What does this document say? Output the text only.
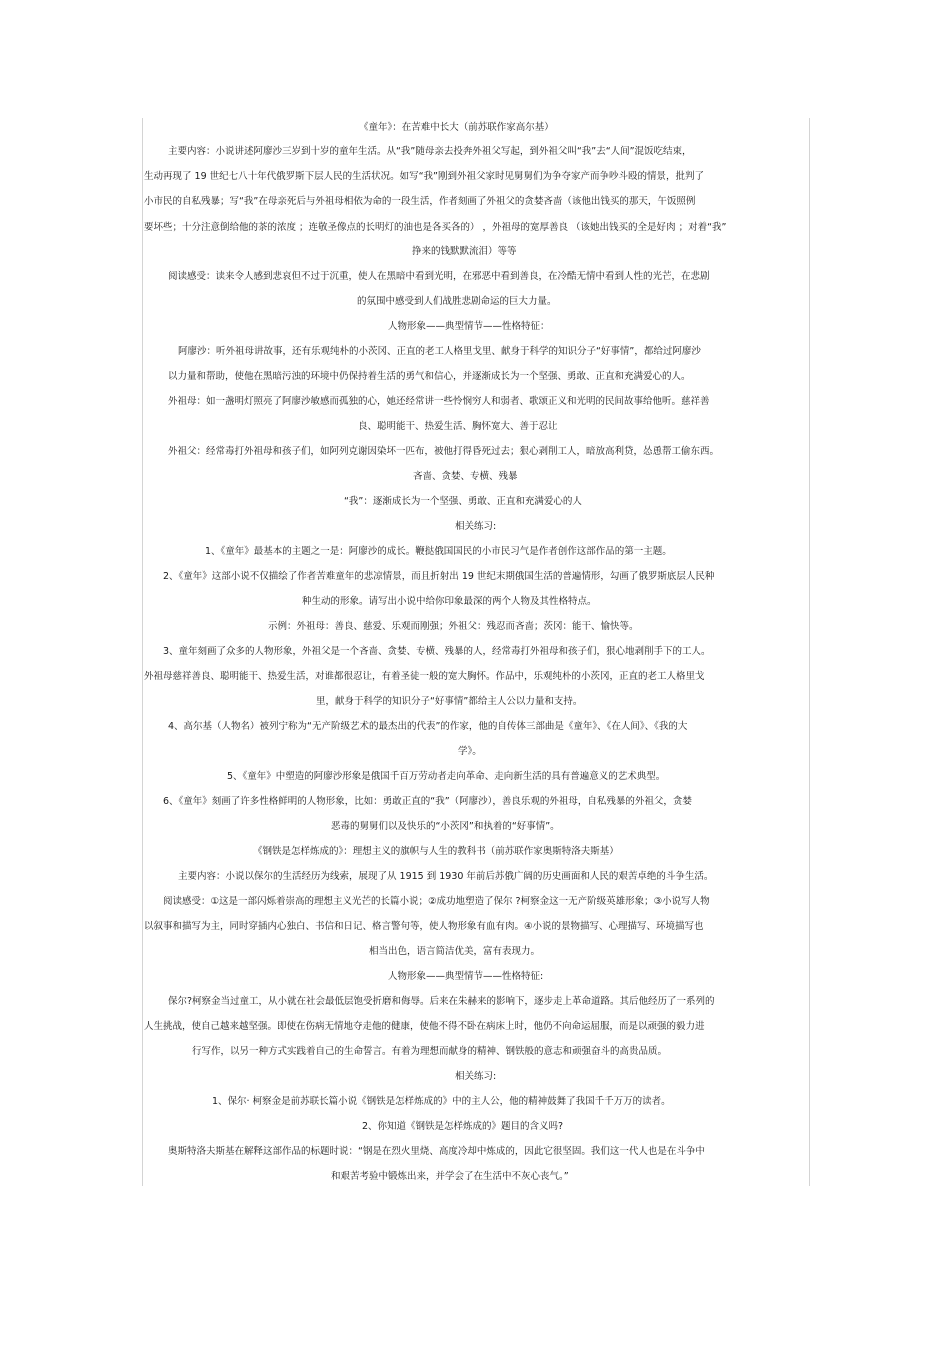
《童年》：在苦难中长大（前苏联作家高尔基）
主要内容：小说讲述阿廖沙三岁到十岁的童年生活。从“我”随母亲去投奔外祖父写起，到外祖父叫“我”去“人间”混饭吃结束，
生动再现了 19 世纪七八十年代俄罗斯下层人民的生活状况。如写“我”刚到外祖父家时见舅舅们为争夺家产而争吵斗殴的情景，批判了
小市民的自私残暴；写“我”在母亲死后与外祖母相依为命的一段生活，作者刻画了外祖父的贪婪吝啬（该他出钱买的那天，午饭照例
要坏些；十分注意倒给他的茶的浓度 ；连敬圣像点的长明灯的油也是各买各的） ，外祖母的宽厚善良 （该她出钱买的全是好肉 ；对着“我”
挣来的钱默默流泪）等等
阅读感受：读来令人感到悲哀但不过于沉重，使人在黑暗中看到光明，在邪恶中看到善良，在冷酷无情中看到人性的光芒，在悲剧
的氛围中感受到人们战胜悲剧命运的巨大力量。
人物形象——典型情节——性格特征：
阿廖沙：听外祖母讲故事，还有乐观纯朴的小茨冈、正直的老工人格里戈里、献身于科学的知识分子“好事情”，都给过阿廖沙
以力量和帮助，使他在黑暗污浊的环境中仍保持着生活的勇气和信心，并逐渐成长为一个坚强、勇敢、正直和充满爱心的人。
外祖母：如一盏明灯照亮了阿廖沙敏感而孤独的心，她还经常讲一些怜悯穷人和弱者、歌颂正义和光明的民间故事给他听。慈祥善
良、聪明能干、热爱生活、胸怀宽大、善于忍让
外祖父：经常毒打外祖母和孩子们，如阿列克谢因染坏一匹布，被他打得昏死过去；狠心剥削工人，暗放高利贷，怂恿帮工偷东西。
吝啬、贪婪、专横、残暴
“我”：逐渐成长为一个坚强、勇敢、正直和充满爱心的人
相关练习:
1、《童年》最基本的主题之一是：阿廖沙的成长。鞭挞俄国国民的小市民习气是作者创作这部作品的第一主题。
2、《童年》这部小说不仅描绘了作者苦难童年的悲凉情景，而且折射出 19 世纪末期俄国生活的普遍情形，勾画了俄罗斯底层人民种
种生动的形象。请写出小说中给你印象最深的两个人物及其性格特点。
示例：外祖母：善良、慈爱、乐观而刚强；外祖父：残忍而吝啬；茨冈：能干、愉快等。
3、童年刻画了众多的人物形象，外祖父是一个吝啬、贪婪、专横、残暴的人，经常毒打外祖母和孩子们，狠心地剥削手下的工人。
外祖母慈祥善良、聪明能干、热爱生活，对谁都很忍让，有着圣徒一般的宽大胸怀。作品中，乐观纯朴的小茨冈，正直的老工人格里戈
里，献身于科学的知识分子“好事情”都给主人公以力量和支持。
4、高尔基（人物名）被列宁称为“无产阶级艺术的最杰出的代表”的作家，他的自传体三部曲是《童年》、《在人间》、《我的大
学》。
5、《童年》中塑造的阿廖沙形象是俄国千百万劳动者走向革命、走向新生活的具有普遍意义的艺术典型。
6、《童年》刻画了许多性格鲜明的人物形象，比如：勇敢正直的“我”（阿廖沙），善良乐观的外祖母，自私残暴的外祖父，贪婪
恶毒的舅舅们以及快乐的“小茨冈”和执着的“好事情”。
《钢铁是怎样炼成的》：理想主义的旗帜与人生的教科书（前苏联作家奥斯特洛夫斯基）
主要内容：小说以保尔的生活经历为线索，展现了从 1915 到 1930 年前后苏俄广阔的历史画面和人民的艰苦卓绝的斗争生活。
阅读感受：①这是一部闪烁着崇高的理想主义光芒的长篇小说；②成功地塑造了保尔 ?柯察金这一无产阶级英雄形象；③小说写人物
以叙事和描写为主，同时穿插内心独白、书信和日记、格言警句等，使人物形象有血有肉。④小说的景物描写、心理描写、环境描写也
相当出色，语言简洁优美，富有表现力。
人物形象——典型情节——性格特征:
保尔?柯察金当过童工，从小就在社会最低层饱受折磨和侮辱。后来在朱赫来的影响下，逐步走上革命道路。其后他经历了一系列的
人生挑战，使自己越来越坚强。即使在伤病无情地夺走他的健康，使他不得不卧在病床上时，他仍不向命运屈服，而是以顽强的毅力进
行写作，以另一种方式实践着自己的生命誓言。有着为理想而献身的精神、钢铁般的意志和顽强奋斗的高贵品质。
相关练习:
1、保尔· 柯察金是前苏联长篇小说《钢铁是怎样炼成的》中的主人公，他的精神鼓舞了我国千千万万的读者。
2、你知道《钢铁是怎样炼成的》题目的含义吗?
奥斯特洛夫斯基在解释这部作品的标题时说：“钢是在烈火里烧、高度冷却中炼成的，因此它很坚固。我们这一代人也是在斗争中
和艰苦考验中锻炼出来，并学会了在生活中不灰心丧气。”
